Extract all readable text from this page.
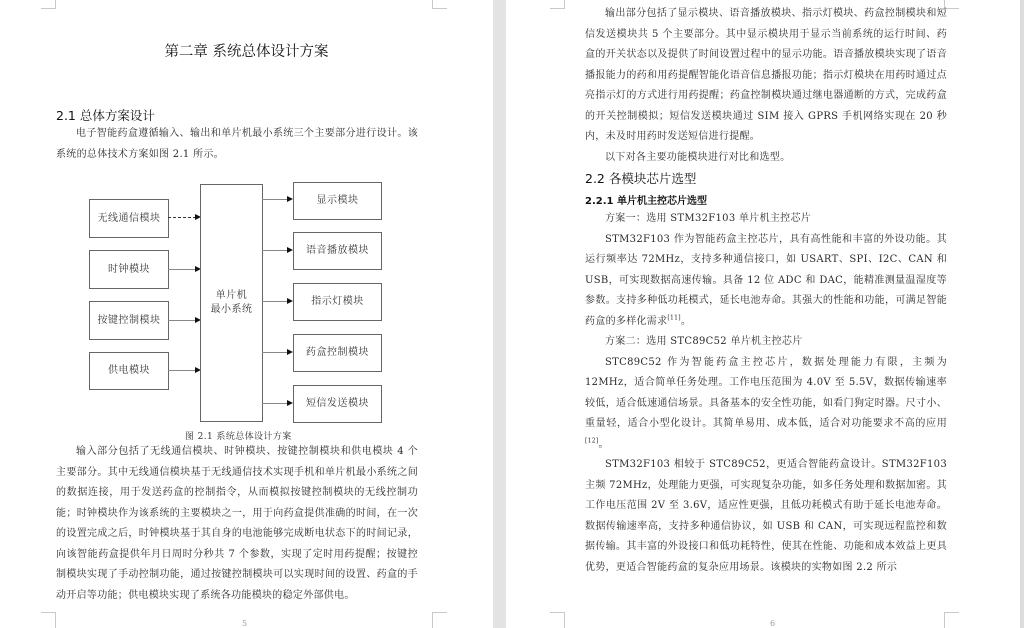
第二章 系统总体设计方案
2.1 总体方案设计

电子智能药盒遵循输入、输出和单片机最小系统三个主要部分进行设计。该系统的总体技术方案如图 2.1 所示。

无线通信模块
时钟模块
按键控制模块
供电模块
单片机
最小系统
显示模块
语音播放模块
指示灯模块
药盒控制模块
短信发送模块
图 2.1 系统总体设计方案

输入部分包括了无线通信模块、时钟模块、按键控制模块和供电模块 4 个主要部分。其中无线通信模块基于无线通信技术实现手机和单片机最小系统之间的数据连接，用于发送药盒的控制指令，从而模拟按键控制模块的无线控制功能；时钟模块作为该系统的主要模块之一，用于向药盒提供准确的时间，在一次的设置完成之后，时钟模块基于其自身的电池能够完成断电状态下的时间记录，向该智能药盒提供年月日周时分秒共 7 个参数，实现了定时用药提醒；按键控制模块实现了手动控制功能，通过按键控制模块可以实现时间的设置、药盒的手动开启等功能；供电模块实现了系统各功能模块的稳定外部供电。

5

输出部分包括了显示模块、语音播放模块、指示灯模块、药盒控制模块和短信发送模块共 5 个主要部分。其中显示模块用于显示当前系统的运行时间、药盒的开关状态以及提供了时间设置过程中的显示功能。语音播放模块实现了语音播报能力的药和用药提醒智能化语音信息播报功能；指示灯模块在用药时通过点亮指示灯的方式进行用药提醒；药盒控制模块通过继电器通断的方式，完成药盒的开关控制模拟；短信发送模块通过 SIM 接入 GPRS 手机网络实现在 20 秒内，未及时用药时发送短信进行提醒。

以下对各主要功能模块进行对比和选型。

2.2 各模块芯片选型
2.2.1 单片机主控芯片选型

方案一：选用 STM32F103 单片机主控芯片

STM32F103 作为智能药盒主控芯片，具有高性能和丰富的外设功能。其运行频率达 72MHz，支持多种通信接口，如 USART、SPI、I2C、CAN 和 USB，可实现数据高速传输。具备 12 位 ADC 和 DAC，能精准测量温湿度等参数。支持多种低功耗模式，延长电池寿命。其强大的性能和功能，可满足智能药盒的多样化需求[11]。

方案二：选用 STC89C52 单片机主控芯片

STC89C52 作为智能药盒主控芯片，数据处理能力有限，主频为 12MHz，适合简单任务处理。工作电压范围为 4.0V 至 5.5V，数据传输速率较低，适合低速通信场景。具备基本的安全性功能，如看门狗定时器。尺寸小、重量轻，适合小型化设计。其简单易用、成本低，适合对功能要求不高的应用[12]。

STM32F103 相较于 STC89C52，更适合智能药盒设计。STM32F103 主频 72MHz，处理能力更强，可实现复杂功能，如多任务处理和数据加密。其工作电压范围 2V 至 3.6V，适应性更强，且低功耗模式有助于延长电池寿命。数据传输速率高，支持多种通信协议，如 USB 和 CAN，可实现远程监控和数据传输。其丰富的外设接口和低功耗特性，使其在性能、功能和成本效益上更具优势，更适合智能药盒的复杂应用场景。该模块的实物如图 2.2 所示

6
